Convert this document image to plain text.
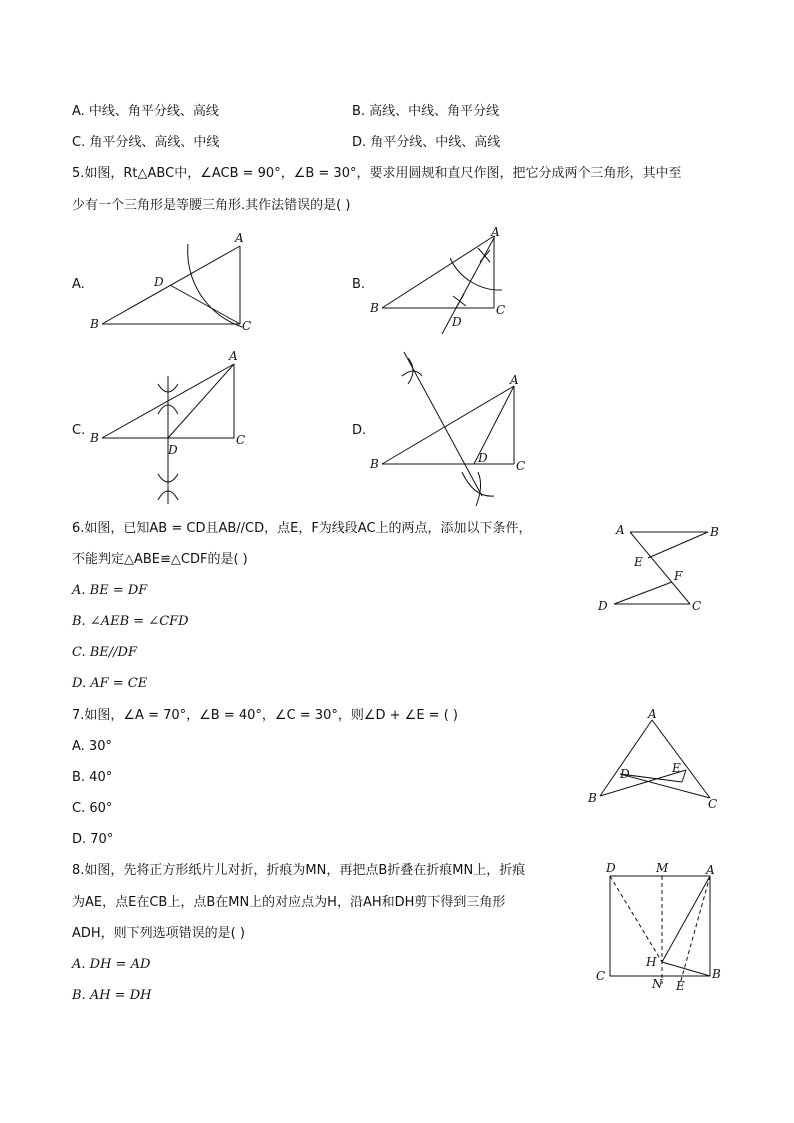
A. 中线、角平分线、高线	B. 高线、中线、角平分线
C. 角平分线、高线、中线	D. 角平分线、中线、高线
5.如图，Rt△ABC中，∠ACB = 90°，∠B = 30°，要求用圆规和直尺作图，把它分成两个三角形，其中至
少有一个三角形是等腰三角形.其作法错误的是( )
A.
A
B	C
D	B.
A
B	C
D
C.
A
B	C
D
D.
A
B	C
D
6.如图，已知AB = CD且AB//CD，点E，F为线段AC上的两点，添加以下条件，
不能判定△ABE≌△CDF的是( )
A. BE = DF
B. ∠AEB = ∠CFD
C. BE//DF
D. AF = CE
A	B
C
D
E
F
7.如图，∠A = 70°，∠B = 40°，∠C = 30°，则∠D + ∠E = ( )
A. 30°
B. 40°
C. 60°
D. 70°
A
B	C
D	E
8.如图，先将正方形纸片儿对折，折痕为MN，再把点B折叠在折痕MN上，折痕
为AE，点E在CB上，点B在MN上的对应点为H，沿AH和DH剪下得到三角形
ADH，则下列选项错误的是( )
A. DH = AD
B. AH = DH
D	M	A
C	B
H
N E
